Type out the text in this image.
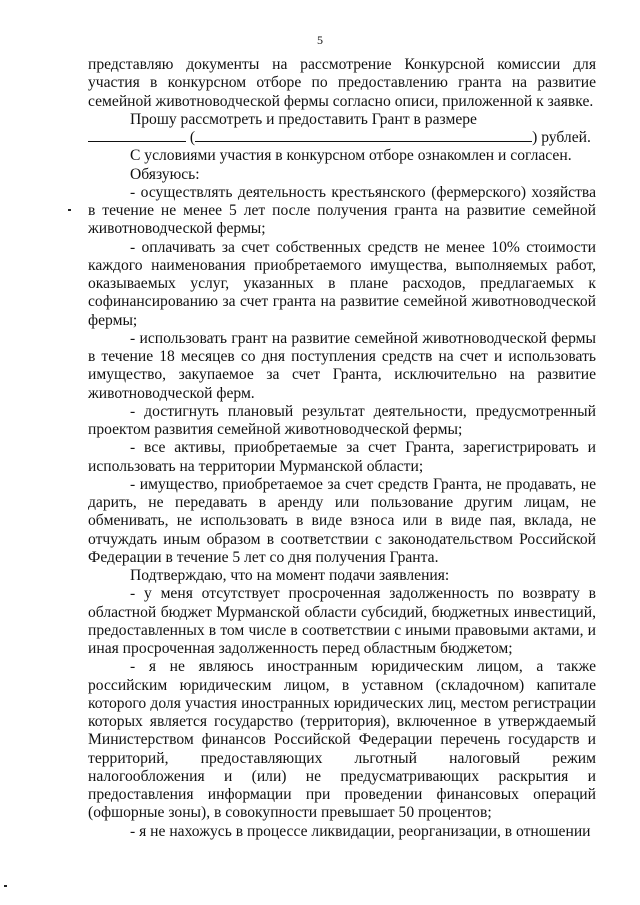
5

представляю документы на рассмотрение Конкурсной комиссии для участия в конкурсном отборе по предоставлению гранта на развитие семейной животноводческой фермы согласно описи, приложенной к заявке.

Прошу рассмотреть и предоставить Грант в размере

(	) рублей.

С условиями участия в конкурсном отборе ознакомлен и согласен.

Обязуюсь:

- осуществлять деятельность крестьянского (фермерского) хозяйства в течение не менее 5 лет после получения гранта на развитие семейной животноводческой фермы;

- оплачивать за счет собственных средств не менее 10% стоимости каждого наименования приобретаемого имущества, выполняемых работ, оказываемых услуг, указанных в плане расходов, предлагаемых к софинансированию за счет гранта на развитие семейной животноводческой фермы;

- использовать грант на развитие семейной животноводческой фермы в течение 18 месяцев со дня поступления средств на счет и использовать имущество, закупаемое за счет Гранта, исключительно на развитие животноводческой ферм.

- достигнуть плановый результат деятельности, предусмотренный проектом развития семейной животноводческой фермы;

- все активы, приобретаемые за счет Гранта, зарегистрировать и использовать на территории Мурманской области;

- имущество, приобретаемое за счет средств Гранта, не продавать, не дарить, не передавать в аренду или пользование другим лицам, не обменивать, не использовать в виде взноса или в виде пая, вклада, не отчуждать иным образом в соответствии с законодательством Российской Федерации в течение 5 лет со дня получения Гранта.

Подтверждаю, что на момент подачи заявления:

- у меня отсутствует просроченная задолженность по возврату в областной бюджет Мурманской области субсидий, бюджетных инвестиций, предоставленных в том числе в соответствии с иными правовыми актами, и иная просроченная задолженность перед областным бюджетом;

- я не являюсь иностранным юридическим лицом, а также российским юридическим лицом, в уставном (складочном) капитале которого доля участия иностранных юридических лиц, местом регистрации которых является государство (территория), включенное в утверждаемый Министерством финансов Российской Федерации перечень государств и территорий, предоставляющих льготный налоговый режим налогообложения и (или) не предусматривающих раскрытия и предоставления информации при проведении финансовых операций (офшорные зоны), в совокупности превышает 50 процентов;

- я не нахожусь в процессе ликвидации, реорганизации, в отношении
